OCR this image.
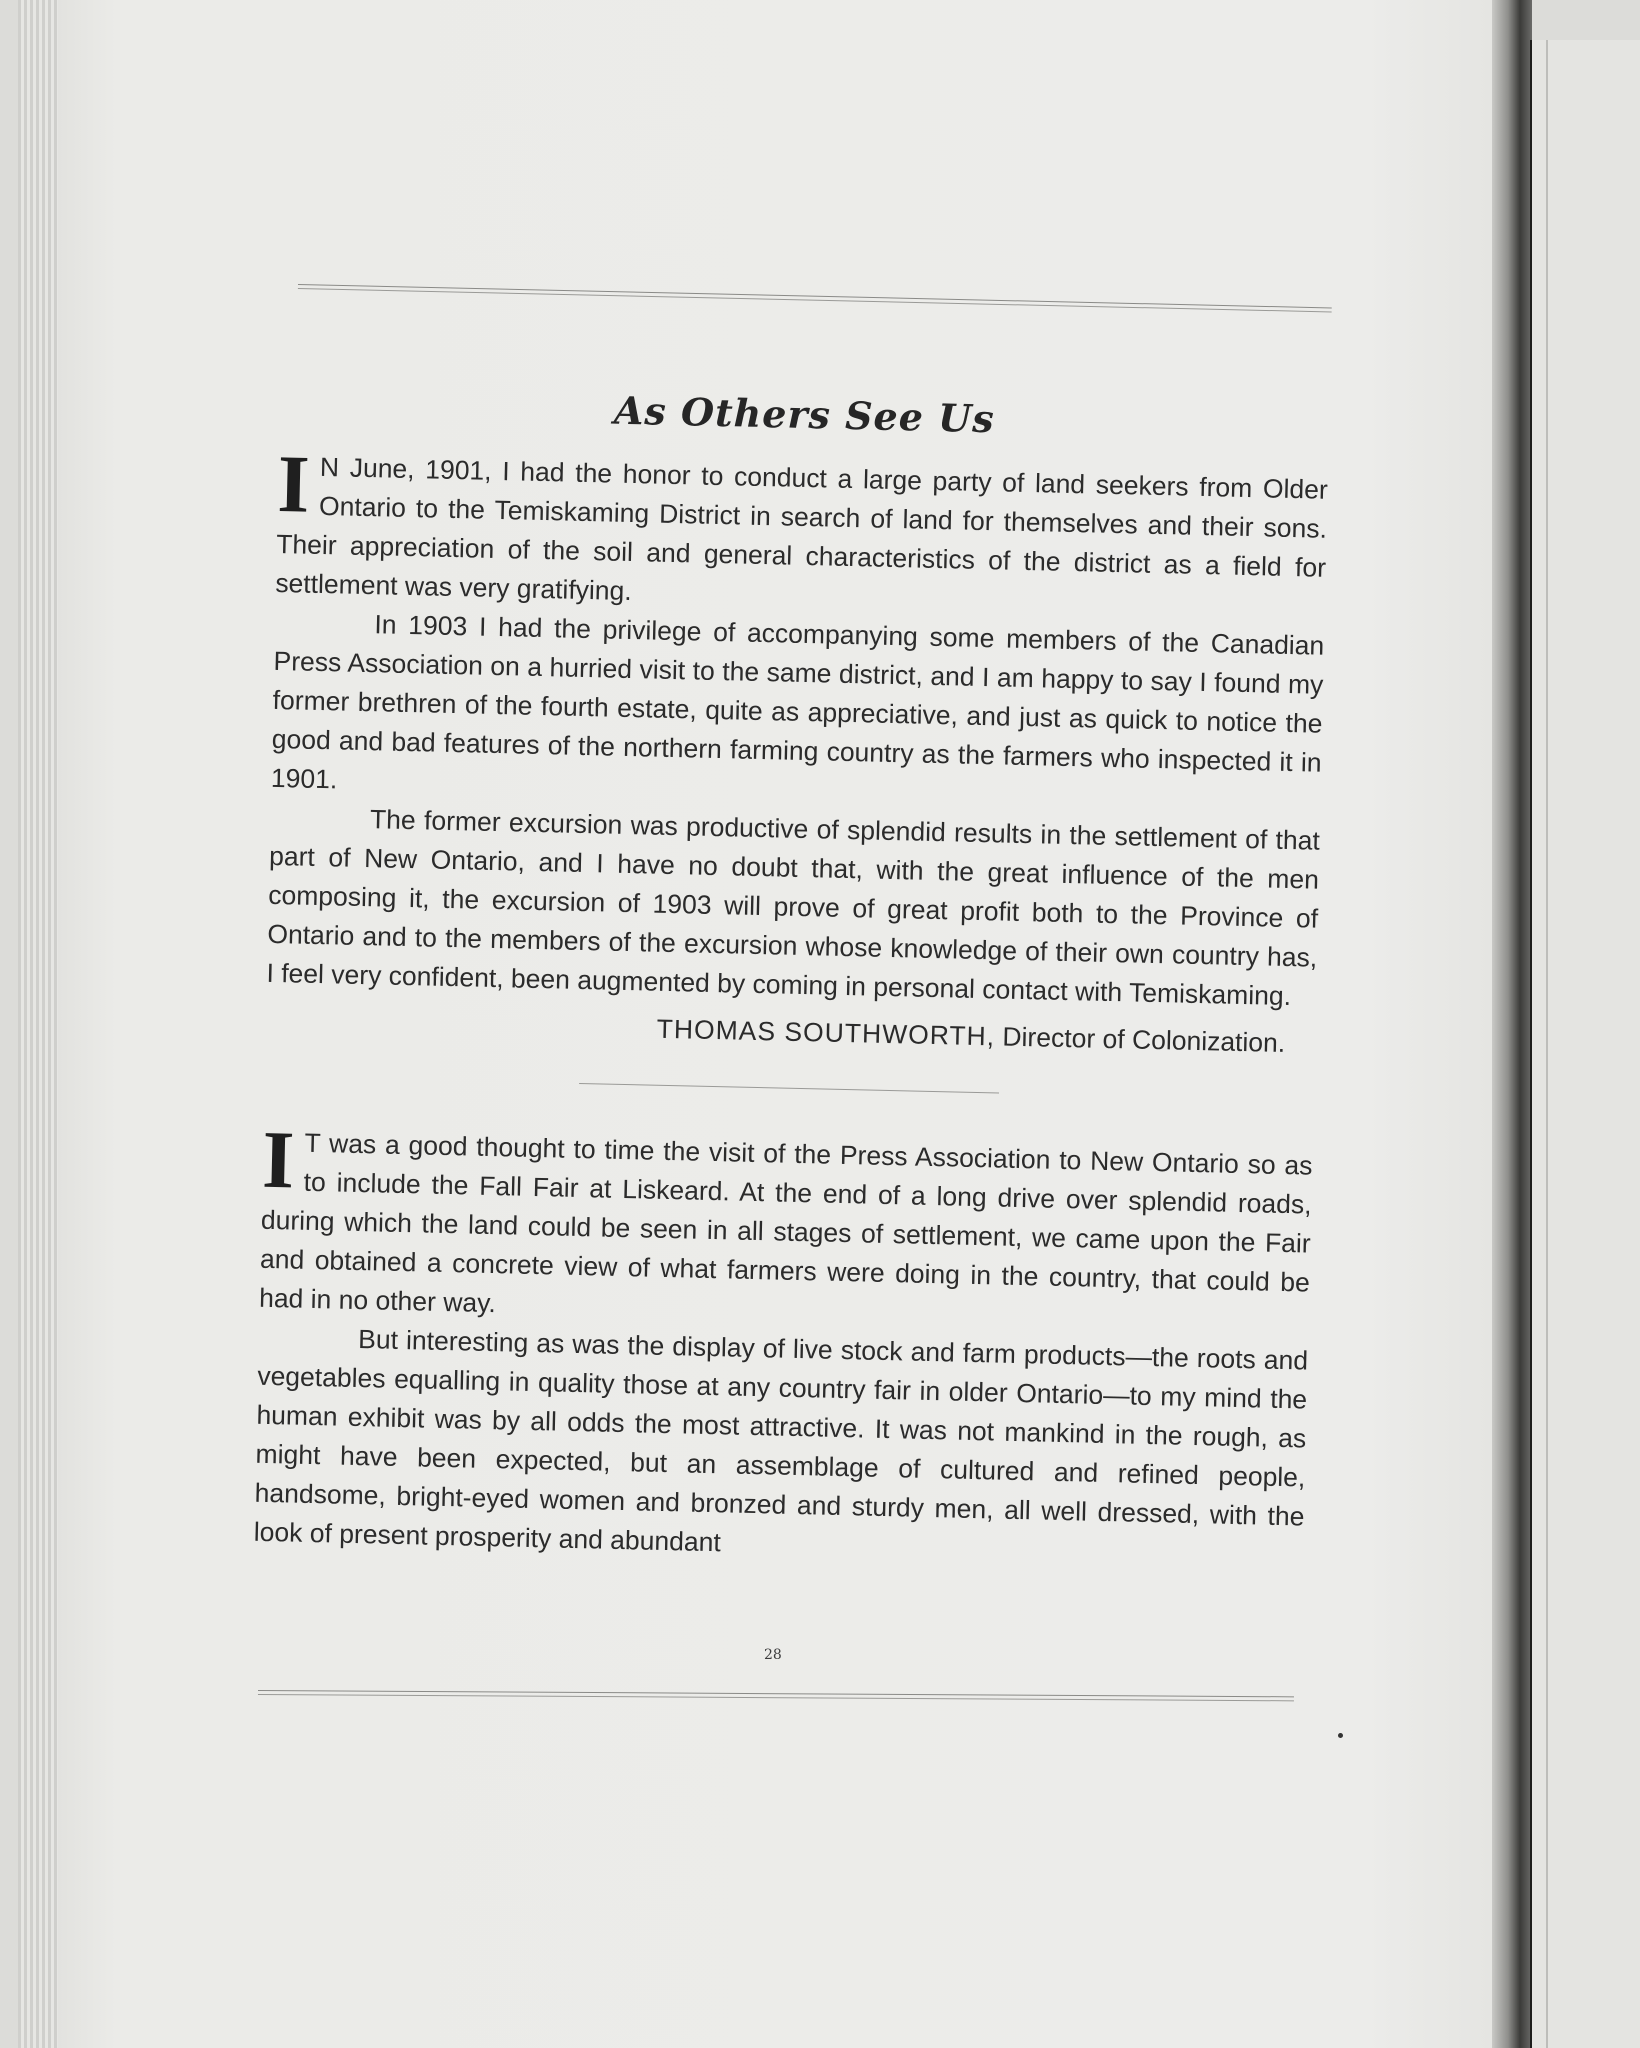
As Others See Us

I N June, 1901, I had the honor to conduct a large party of land seekers from Older Ontario to the Temiskaming District in search of land for themselves and their sons. Their appreciation of the soil and general characteristics of the district as a field for settlement was very gratifying.

In 1903 I had the privilege of accompanying some members of the Canadian Press Association on a hurried visit to the same district, and I am happy to say I found my former brethren of the fourth estate, quite as appreciative, and just as quick to notice the good and bad features of the northern farming country as the farmers who inspected it in 1901.

The former excursion was productive of splendid results in the settlement of that part of New Ontario, and I have no doubt that, with the great influence of the men composing it, the excursion of 1903 will prove of great profit both to the Province of Ontario and to the members of the excursion whose knowledge of their own country has, I feel very confident, been augmented by coming in personal contact with Temiskaming.

THOMAS SOUTHWORTH, Director of Colonization.

I T was a good thought to time the visit of the Press Association to New Ontario so as to include the Fall Fair at Liskeard. At the end of a long drive over splendid roads, during which the land could be seen in all stages of settlement, we came upon the Fair and obtained a concrete view of what farmers were doing in the country, that could be had in no other way.

But interesting as was the display of live stock and farm products—the roots and vegetables equalling in quality those at any country fair in older Ontario—to my mind the human exhibit was by all odds the most attractive. It was not mankind in the rough, as might have been expected, but an assemblage of cultured and refined people, handsome, bright-eyed women and bronzed and sturdy men, all well dressed, with the look of present prosperity and abundant

28
